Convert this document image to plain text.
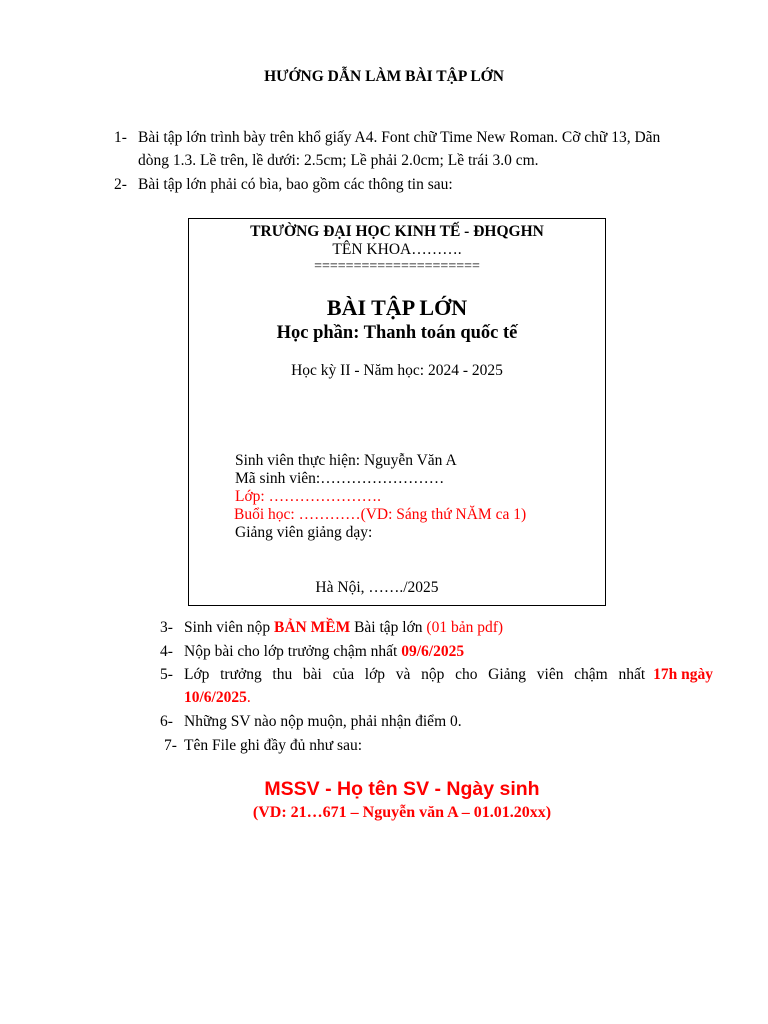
HƯỚNG DẪN LÀM BÀI TẬP LỚN
1- Bài tập lớn trình bày trên khổ giấy A4. Font chữ Time New Roman. Cỡ chữ 13, Dãn
dòng 1.3. Lề trên, lề dưới: 2.5cm; Lề phải 2.0cm; Lề trái 3.0 cm.
2- Bài tập lớn phải có bìa, bao gồm các thông tin sau:
TRƯỜNG ĐẠI HỌC KINH TẾ - ĐHQGHN
TÊN KHOA……….
=====================
BÀI TẬP LỚN
Học phần: Thanh toán quốc tế
Học kỳ II - Năm học: 2024 - 2025
Sinh viên thực hiện: Nguyễn Văn A
Mã sinh viên:……………………
Lớp: ………………….
Buổi học: …………(VD: Sáng thứ NĂM ca 1)
Giảng viên giảng dạy:
Hà Nội, ……./2025
3- Sinh viên nộp BẢN MỀM Bài tập lớn (01 bản pdf)
4- Nộp bài cho lớp trưởng chậm nhất 09/6/2025
5- Lớp trưởng thu bài của lớp và nộp cho Giảng viên chậm nhất 17h ngày
10/6/2025.
6- Những SV nào nộp muộn, phải nhận điểm 0.
7- Tên File ghi đầy đủ như sau:
MSSV - Họ tên SV - Ngày sinh
(VD: 21…671 – Nguyễn văn A – 01.01.20xx)
